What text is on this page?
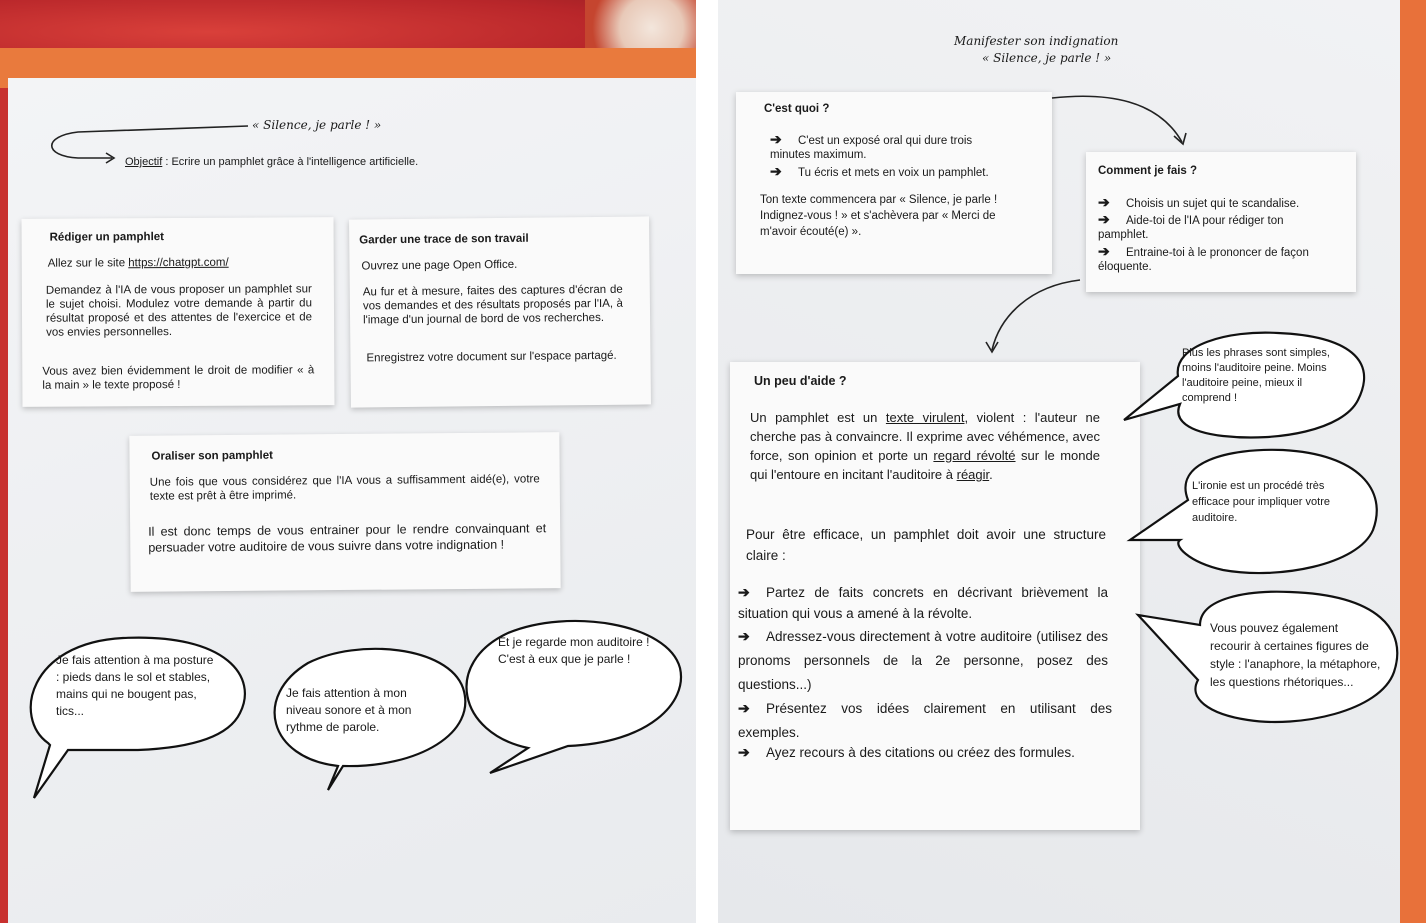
« Silence, je parle ! »
Objectif : Ecrire un pamphlet grâce à l'intelligence artificielle.
Rédiger un pamphlet
Allez sur le site https://chatgpt.com/
Demandez à l'IA de vous proposer un pamphlet sur le sujet choisi. Modulez votre demande à partir du résultat proposé et des attentes de l'exercice et de vos envies personnelles.
Vous avez bien évidemment le droit de modifier « à la main » le texte proposé !
Garder une trace de son travail
Ouvrez une page Open Office.
Au fur et à mesure, faites des captures d'écran de vos demandes et des résultats proposés par l'IA, à l'image d'un journal de bord de vos recherches.
Enregistrez votre document sur l'espace partagé.
Oraliser son pamphlet
Une fois que vous considérez que l'IA vous a suffisamment aidé(e), votre texte est prêt à être imprimé.
Il est donc temps de vous entrainer pour le rendre convainquant et persuader votre auditoire de vous suivre dans votre indignation !
Je fais attention à ma posture : pieds dans le sol et stables, mains qui ne bougent pas, tics...
Je fais attention à mon niveau sonore et à mon rythme de parole.
Et je regarde mon auditoire ! C'est à eux que je parle !
Manifester son indignation
« Silence, je parle ! »
C'est quoi ?
➔ C'est un exposé oral qui dure trois minutes maximum.
➔ Tu écris et mets en voix un pamphlet.
Ton texte commencera par « Silence, je parle ! Indignez-vous ! » et s'achèvera par « Merci de m'avoir écouté(e) ».
Comment je fais ?
➔ Choisis un sujet qui te scandalise.
➔ Aide-toi de l'IA pour rédiger ton pamphlet.
➔ Entraine-toi à le prononcer de façon éloquente.
Un peu d'aide ?
Un pamphlet est un texte virulent, violent : l'auteur ne cherche pas à convaincre. Il exprime avec véhémence, avec force, son opinion et porte un regard révolté sur le monde qui l'entoure en incitant l'auditoire à réagir.
Pour être efficace, un pamphlet doit avoir une structure claire :
➔ Partez de faits concrets en décrivant brièvement la situation qui vous a amené à la révolte.
➔ Adressez-vous directement à votre auditoire (utilisez des pronoms personnels de la 2e personne, posez des questions...)
➔ Présentez vos idées clairement en utilisant des exemples.
➔ Ayez recours à des citations ou créez des formules.
Plus les phrases sont simples, moins l'auditoire peine. Moins l'auditoire peine, mieux il comprend !
L'ironie est un procédé très efficace pour impliquer votre auditoire.
Vous pouvez également recourir à certaines figures de style : l'anaphore, la métaphore, les questions rhétoriques...
